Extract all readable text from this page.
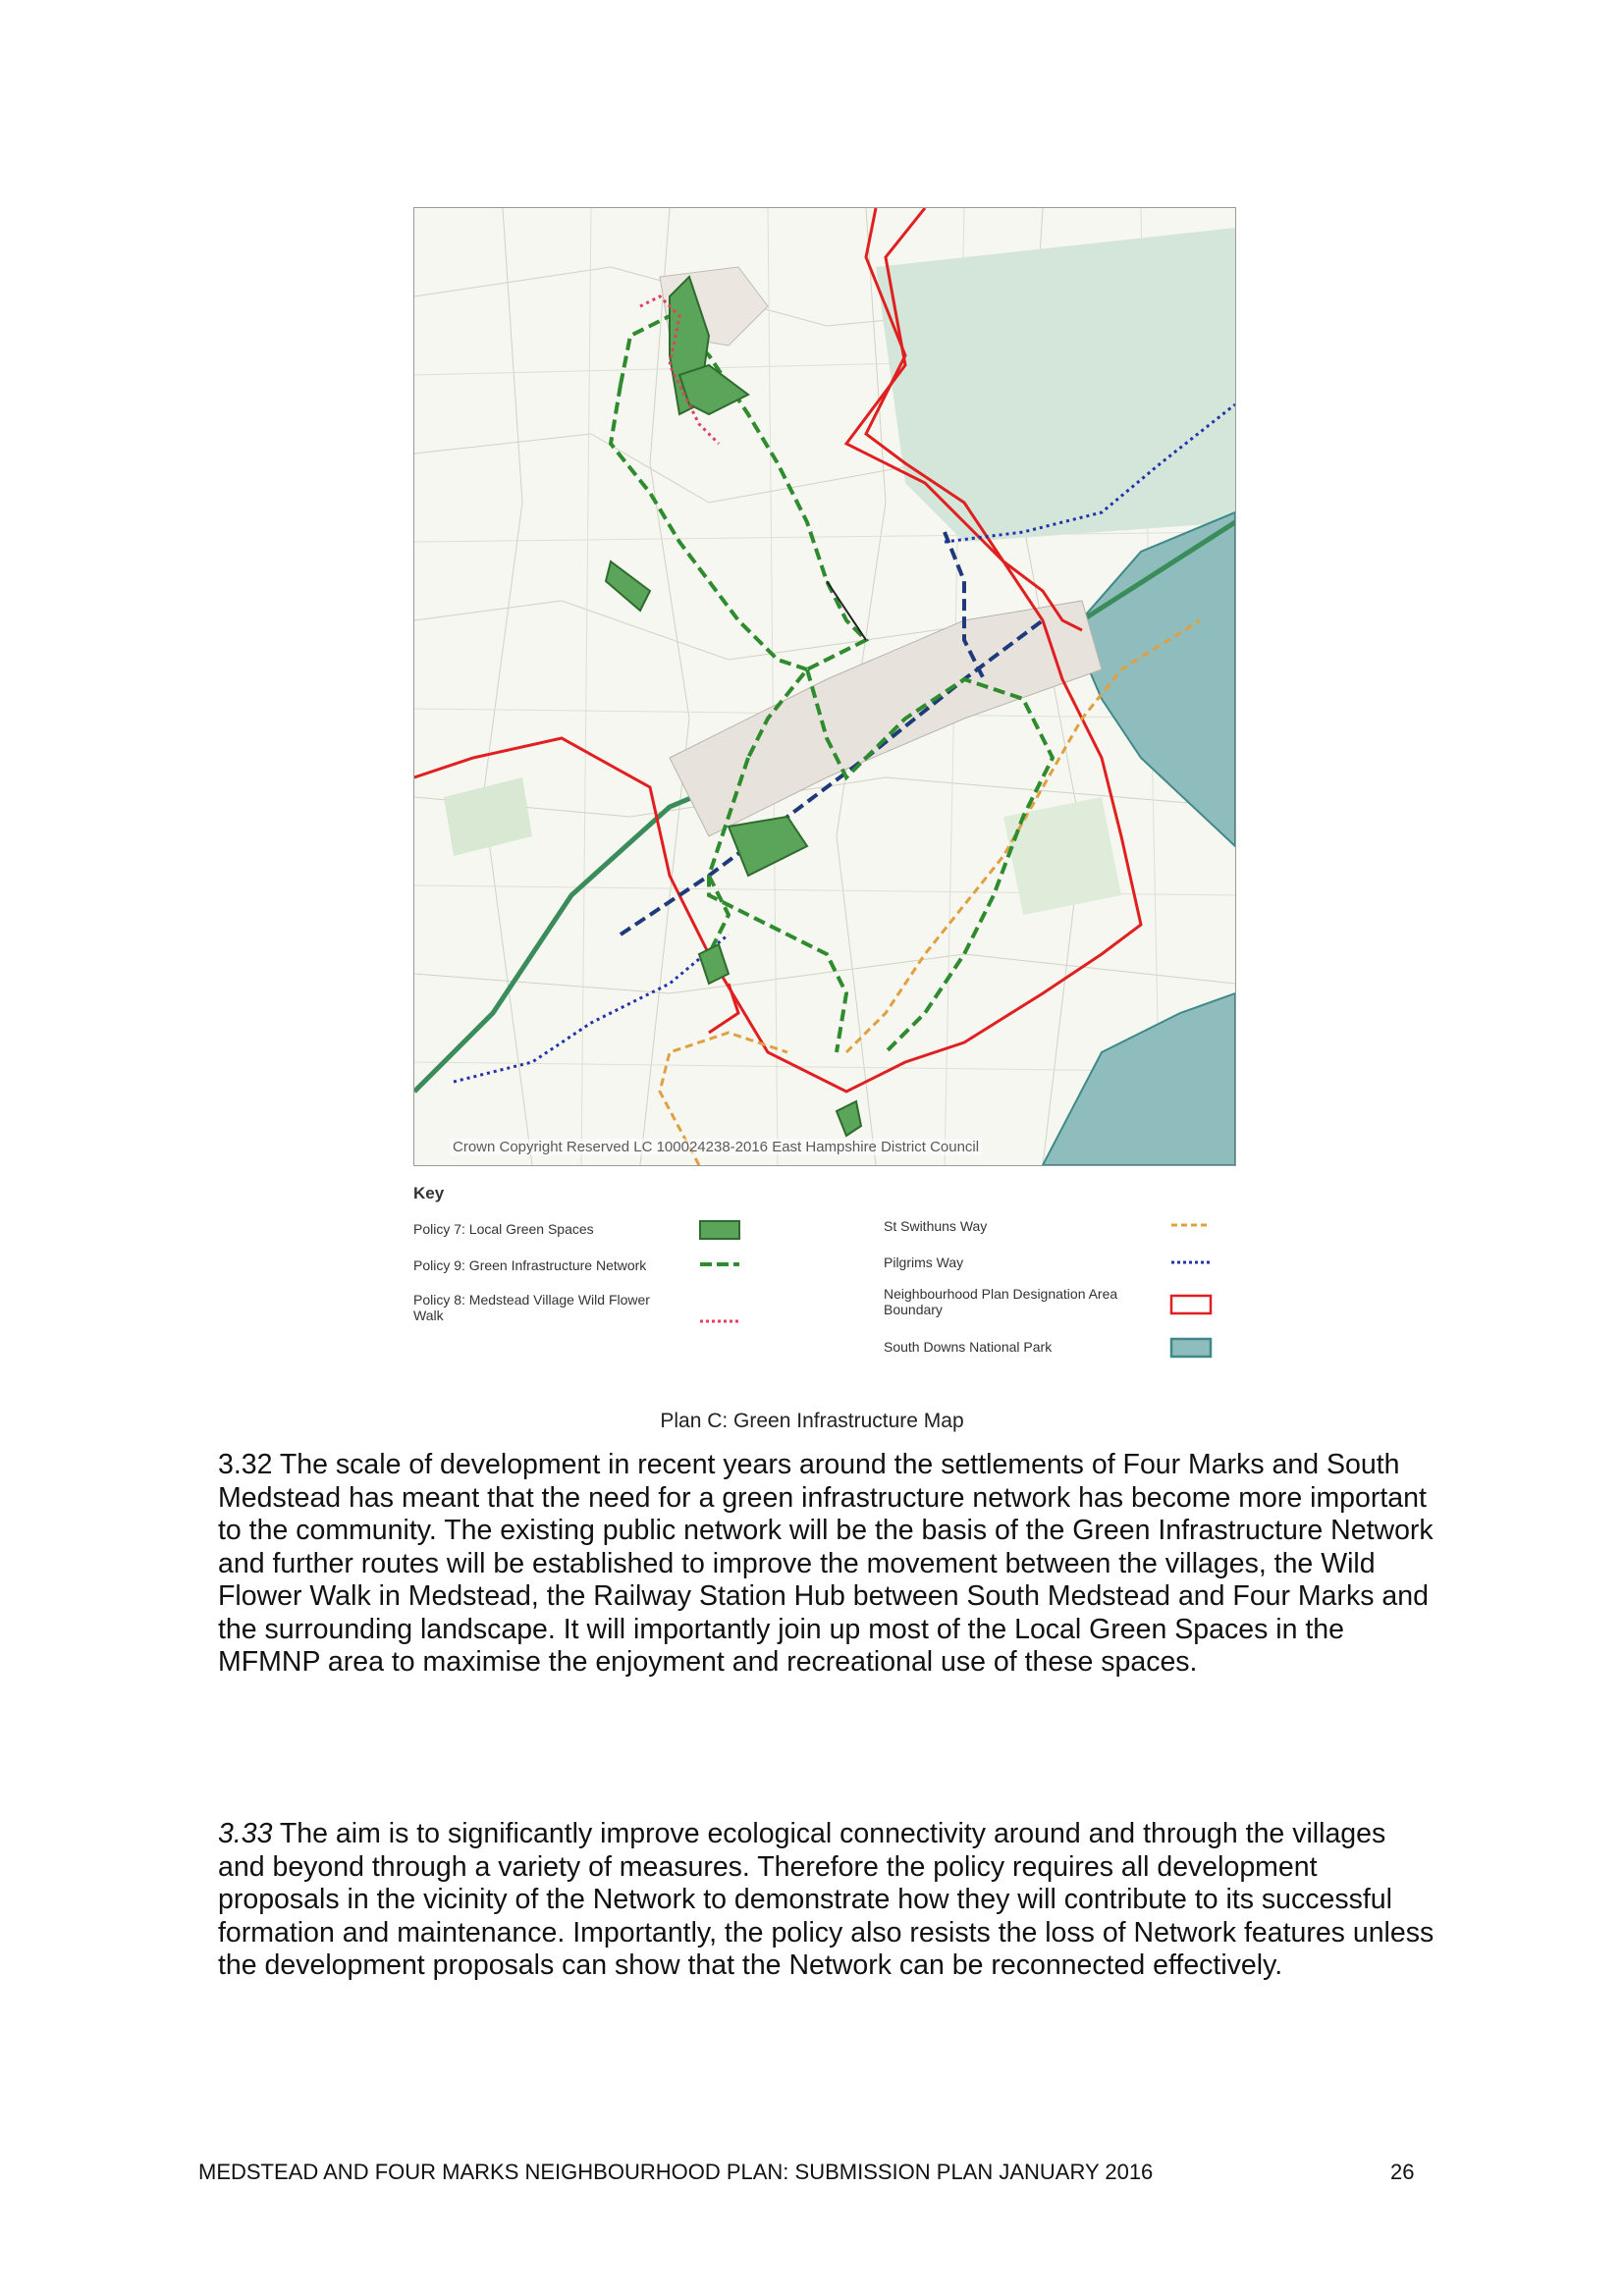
Crown Copyright Reserved LC 100024238-2016 East Hampshire District Council
Key
Policy 7: Local Green Spaces
Policy 9: Green Infrastructure Network
Policy 8: Medstead Village Wild Flower Walk
St Swithuns Way
Pilgrims Way
Neighbourhood Plan Designation Area Boundary
South Downs National Park
Plan C: Green Infrastructure Map

3.32 The scale of development in recent years around the settlements of Four Marks and South Medstead has meant that the need for a green infrastructure network has become more important to the community. The existing public network will be the basis of the Green Infrastructure Network and further routes will be established to improve the movement between the villages, the Wild Flower Walk in Medstead, the Railway Station Hub between South Medstead and Four Marks and the surrounding landscape. It will importantly join up most of the Local Green Spaces in the MFMNP area to maximise the enjoyment and recreational use of these spaces.

3.33 The aim is to significantly improve ecological connectivity around and through the villages and beyond through a variety of measures. Therefore the policy requires all development proposals in the vicinity of the Network to demonstrate how they will contribute to its successful formation and maintenance. Importantly, the policy also resists the loss of Network features unless the development proposals can show that the Network can be reconnected effectively.

MEDSTEAD AND FOUR MARKS NEIGHBOURHOOD PLAN: SUBMISSION PLAN JANUARY 2016	26
